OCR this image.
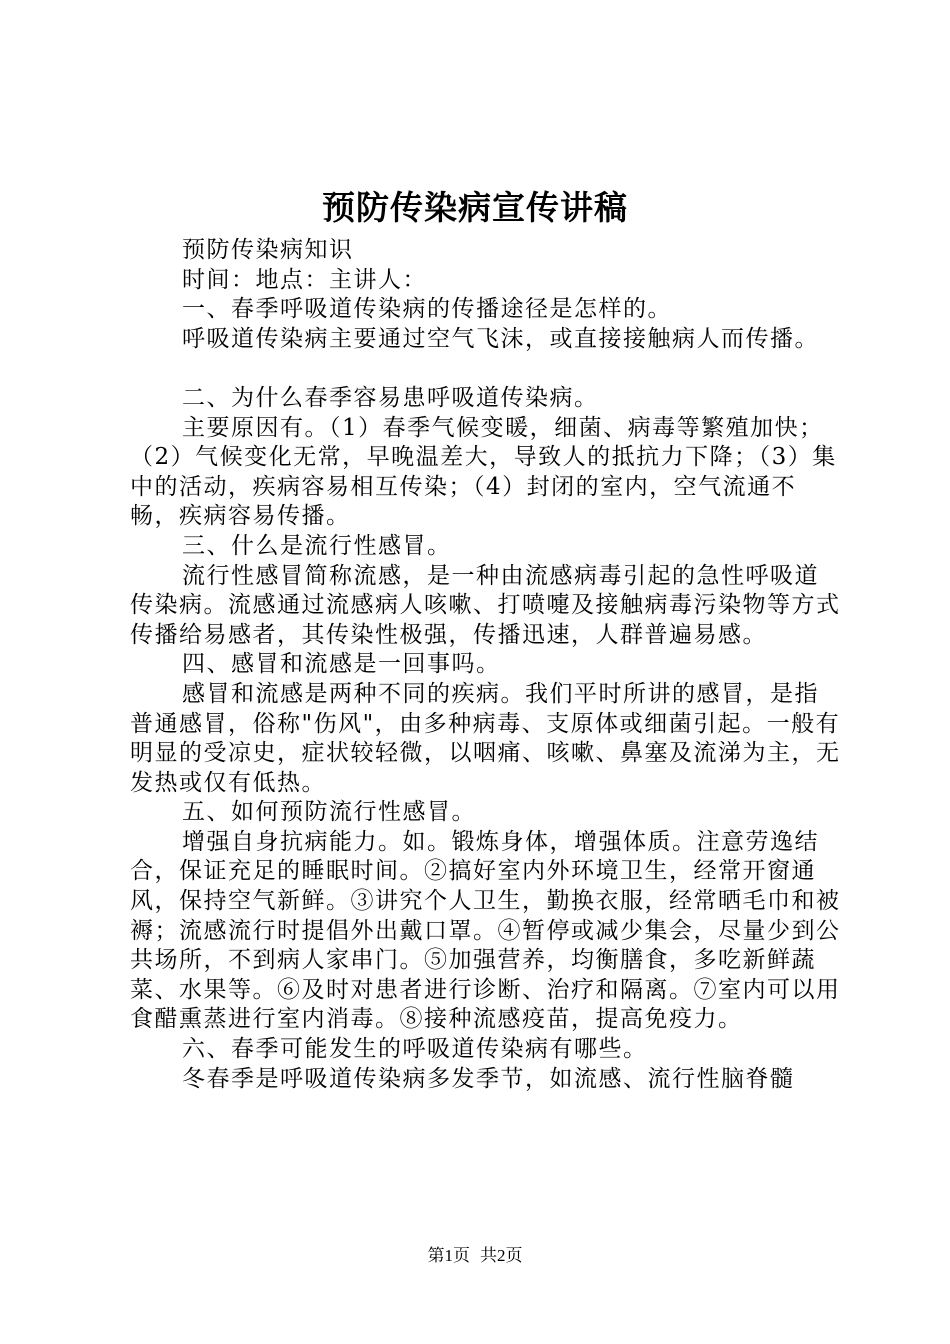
预防传染病宣传讲稿

预防传染病知识

时间：地点：主讲人：

一、春季呼吸道传染病的传播途径是怎样的。

呼吸道传染病主要通过空气飞沫，或直接接触病人而传播。

二、为什么春季容易患呼吸道传染病。

主要原因有。（1）春季气候变暖，细菌、病毒等繁殖加快；（2）气候变化无常，早晚温差大，导致人的抵抗力下降；（3）集中的活动，疾病容易相互传染；（4）封闭的室内，空气流通不畅，疾病容易传播。

三、什么是流行性感冒。

流行性感冒简称流感，是一种由流感病毒引起的急性呼吸道传染病。流感通过流感病人咳嗽、打喷嚏及接触病毒污染物等方式传播给易感者，其传染性极强，传播迅速，人群普遍易感。

四、感冒和流感是一回事吗。

感冒和流感是两种不同的疾病。我们平时所讲的感冒，是指普通感冒，俗称"伤风"，由多种病毒、支原体或细菌引起。一般有明显的受凉史，症状较轻微，以咽痛、咳嗽、鼻塞及流涕为主，无发热或仅有低热。

五、如何预防流行性感冒。

增强自身抗病能力。如。锻炼身体，增强体质。注意劳逸结合，保证充足的睡眠时间。②搞好室内外环境卫生，经常开窗通风，保持空气新鲜。③讲究个人卫生，勤换衣服，经常晒毛巾和被褥；流感流行时提倡外出戴口罩。④暂停或减少集会，尽量少到公共场所，不到病人家串门。⑤加强营养，均衡膳食，多吃新鲜蔬菜、水果等。⑥及时对患者进行诊断、治疗和隔离。⑦室内可以用食醋熏蒸进行室内消毒。⑧接种流感疫苗，提高免疫力。

六、春季可能发生的呼吸道传染病有哪些。

冬春季是呼吸道传染病多发季节，如流感、流行性脑脊髓

第1页 共2页
